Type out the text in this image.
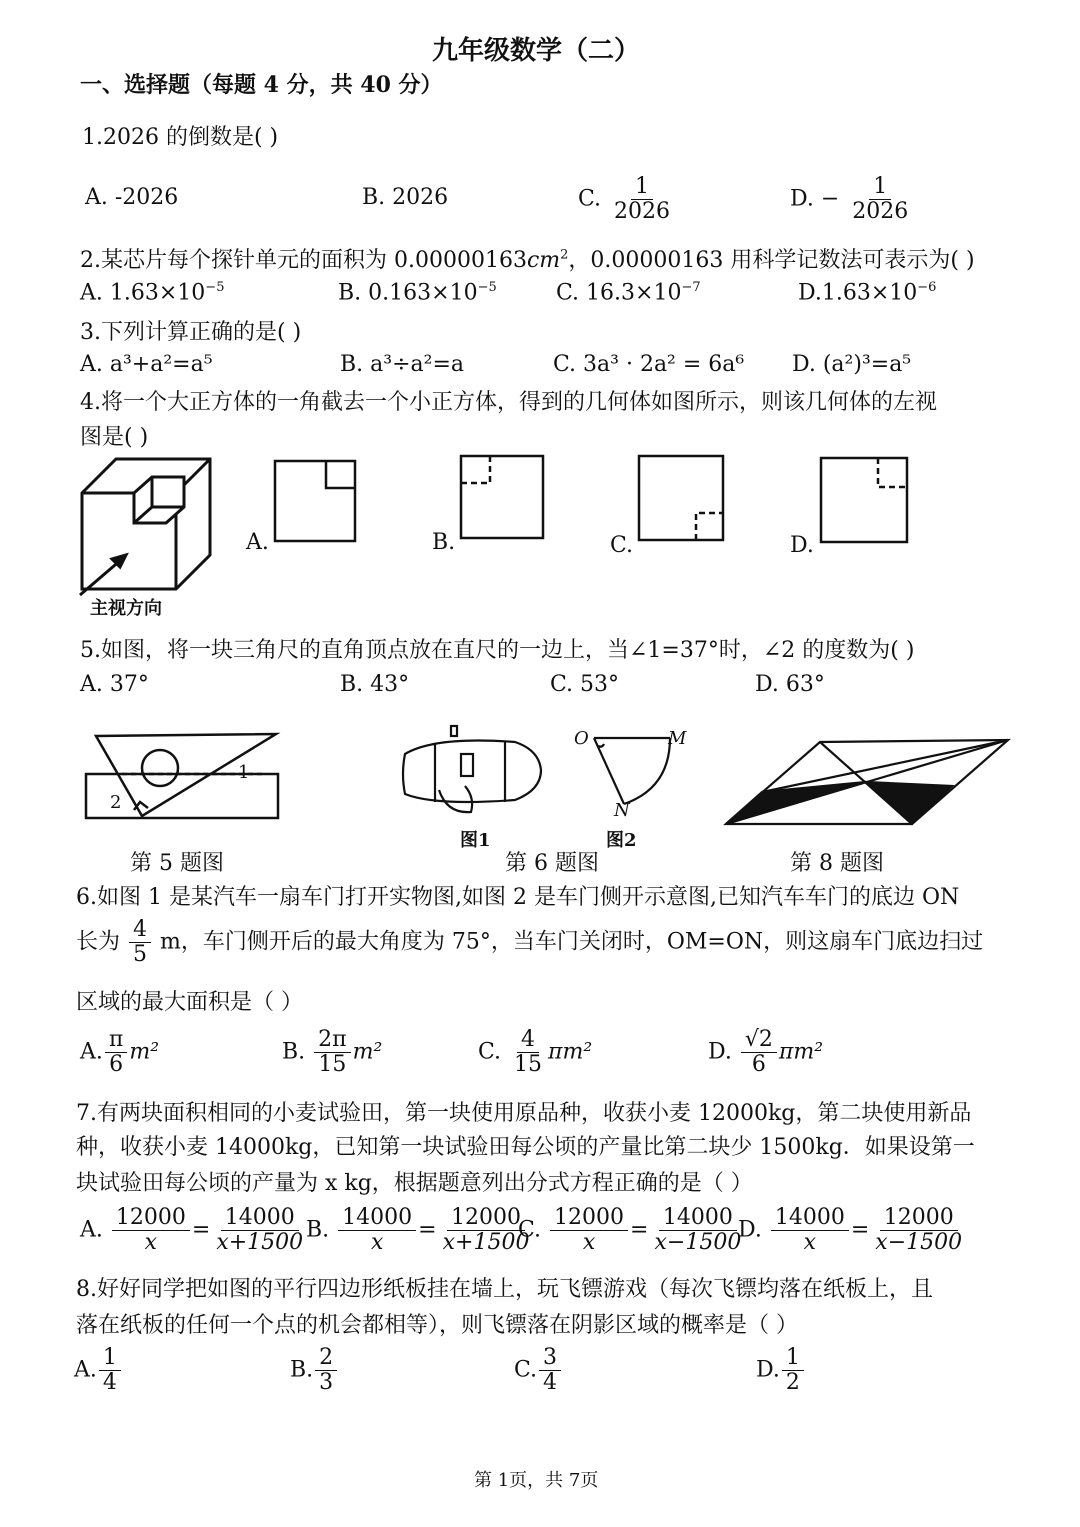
九年级数学（二）
一、选择题（每题 4 分，共 40 分）
1.2026 的倒数是( )
A. -2026	B. 2026	C. $\frac{1}{2026}$	D. − $\frac{1}{2026}$
2.某芯片每个探针单元的面积为 $0.00000163cm^2$，0.00000163 用科学记数法可表示为( )
A. $1.63\times 10^{-5}$	B. $0.163\times 10^{-5}$	C. $16.3\times 10^{-7}$	$D.1.63\times 10^{-6}$
3.下列计算正确的是( )
A. a³+a²=a⁵	B. a³÷a²=a	C. 3a³ · 2a² = 6a⁶ D. (a²)³=a⁵
4.将一个大正方体的一角截去一个小正方体，得到的几何体如图所示，则该几何体的左视
图是( )
主视方向
A.	B.	C.	D.
5.如图，将一块三角尺的直角顶点放在直尺的一边上，当∠1=37°时，∠2 的度数为( )
A. 37°	B. 43°	C. 53°	D. 63°
1
2
第 5 题图
图1
O	M
N
图2
第 6 题图	第 8 题图
6.如图 1 是某汽车一扇车门打开实物图,如图 2 是车门侧开示意图,已知汽车车门的底边 ON
长为 $\frac{4}{5}$ m，车门侧开后的最大角度为 75°，当车门关闭时，OM=ON，则这扇车门底边扫过
区域的最大面积是（ ）
A. $\frac{\pi}{6} m^2$	B. $\frac{2\pi}{15} m^2$	C. $\frac{4}{15} \pi m^2$	D. $\frac{√2}{6} \pi m^2$
7.有两块面积相同的小麦试验田，第一块使用原品种，收获小麦 12000kg，第二块使用新品
种，收获小麦 14000kg，已知第一块试验田每公顷的产量比第二块少 1500kg．如果设第一
块试验田每公顷的产量为 x kg，根据题意列出分式方程正确的是（ ）
A. $\frac{12000}{x} = \frac{14000}{x+1500}$
B. $\frac{14000}{x} = \frac{12000}{x+1500}$
C. $\frac{12000}{x} = \frac{14000}{x-1500}$
D. $\frac{14000}{x} = \frac{12000}{x-1500}$
8.好好同学把如图的平行四边形纸板挂在墙上，玩飞镖游戏（每次飞镖均落在纸板上，且
落在纸板的任何一个点的机会都相等），则飞镖落在阴影区域的概率是（ ）
A. $\frac{1}{4}$	B. $\frac{2}{3}$	C. $\frac{3}{4}$	D. $\frac{1}{2}$
第 1页，共 7页
